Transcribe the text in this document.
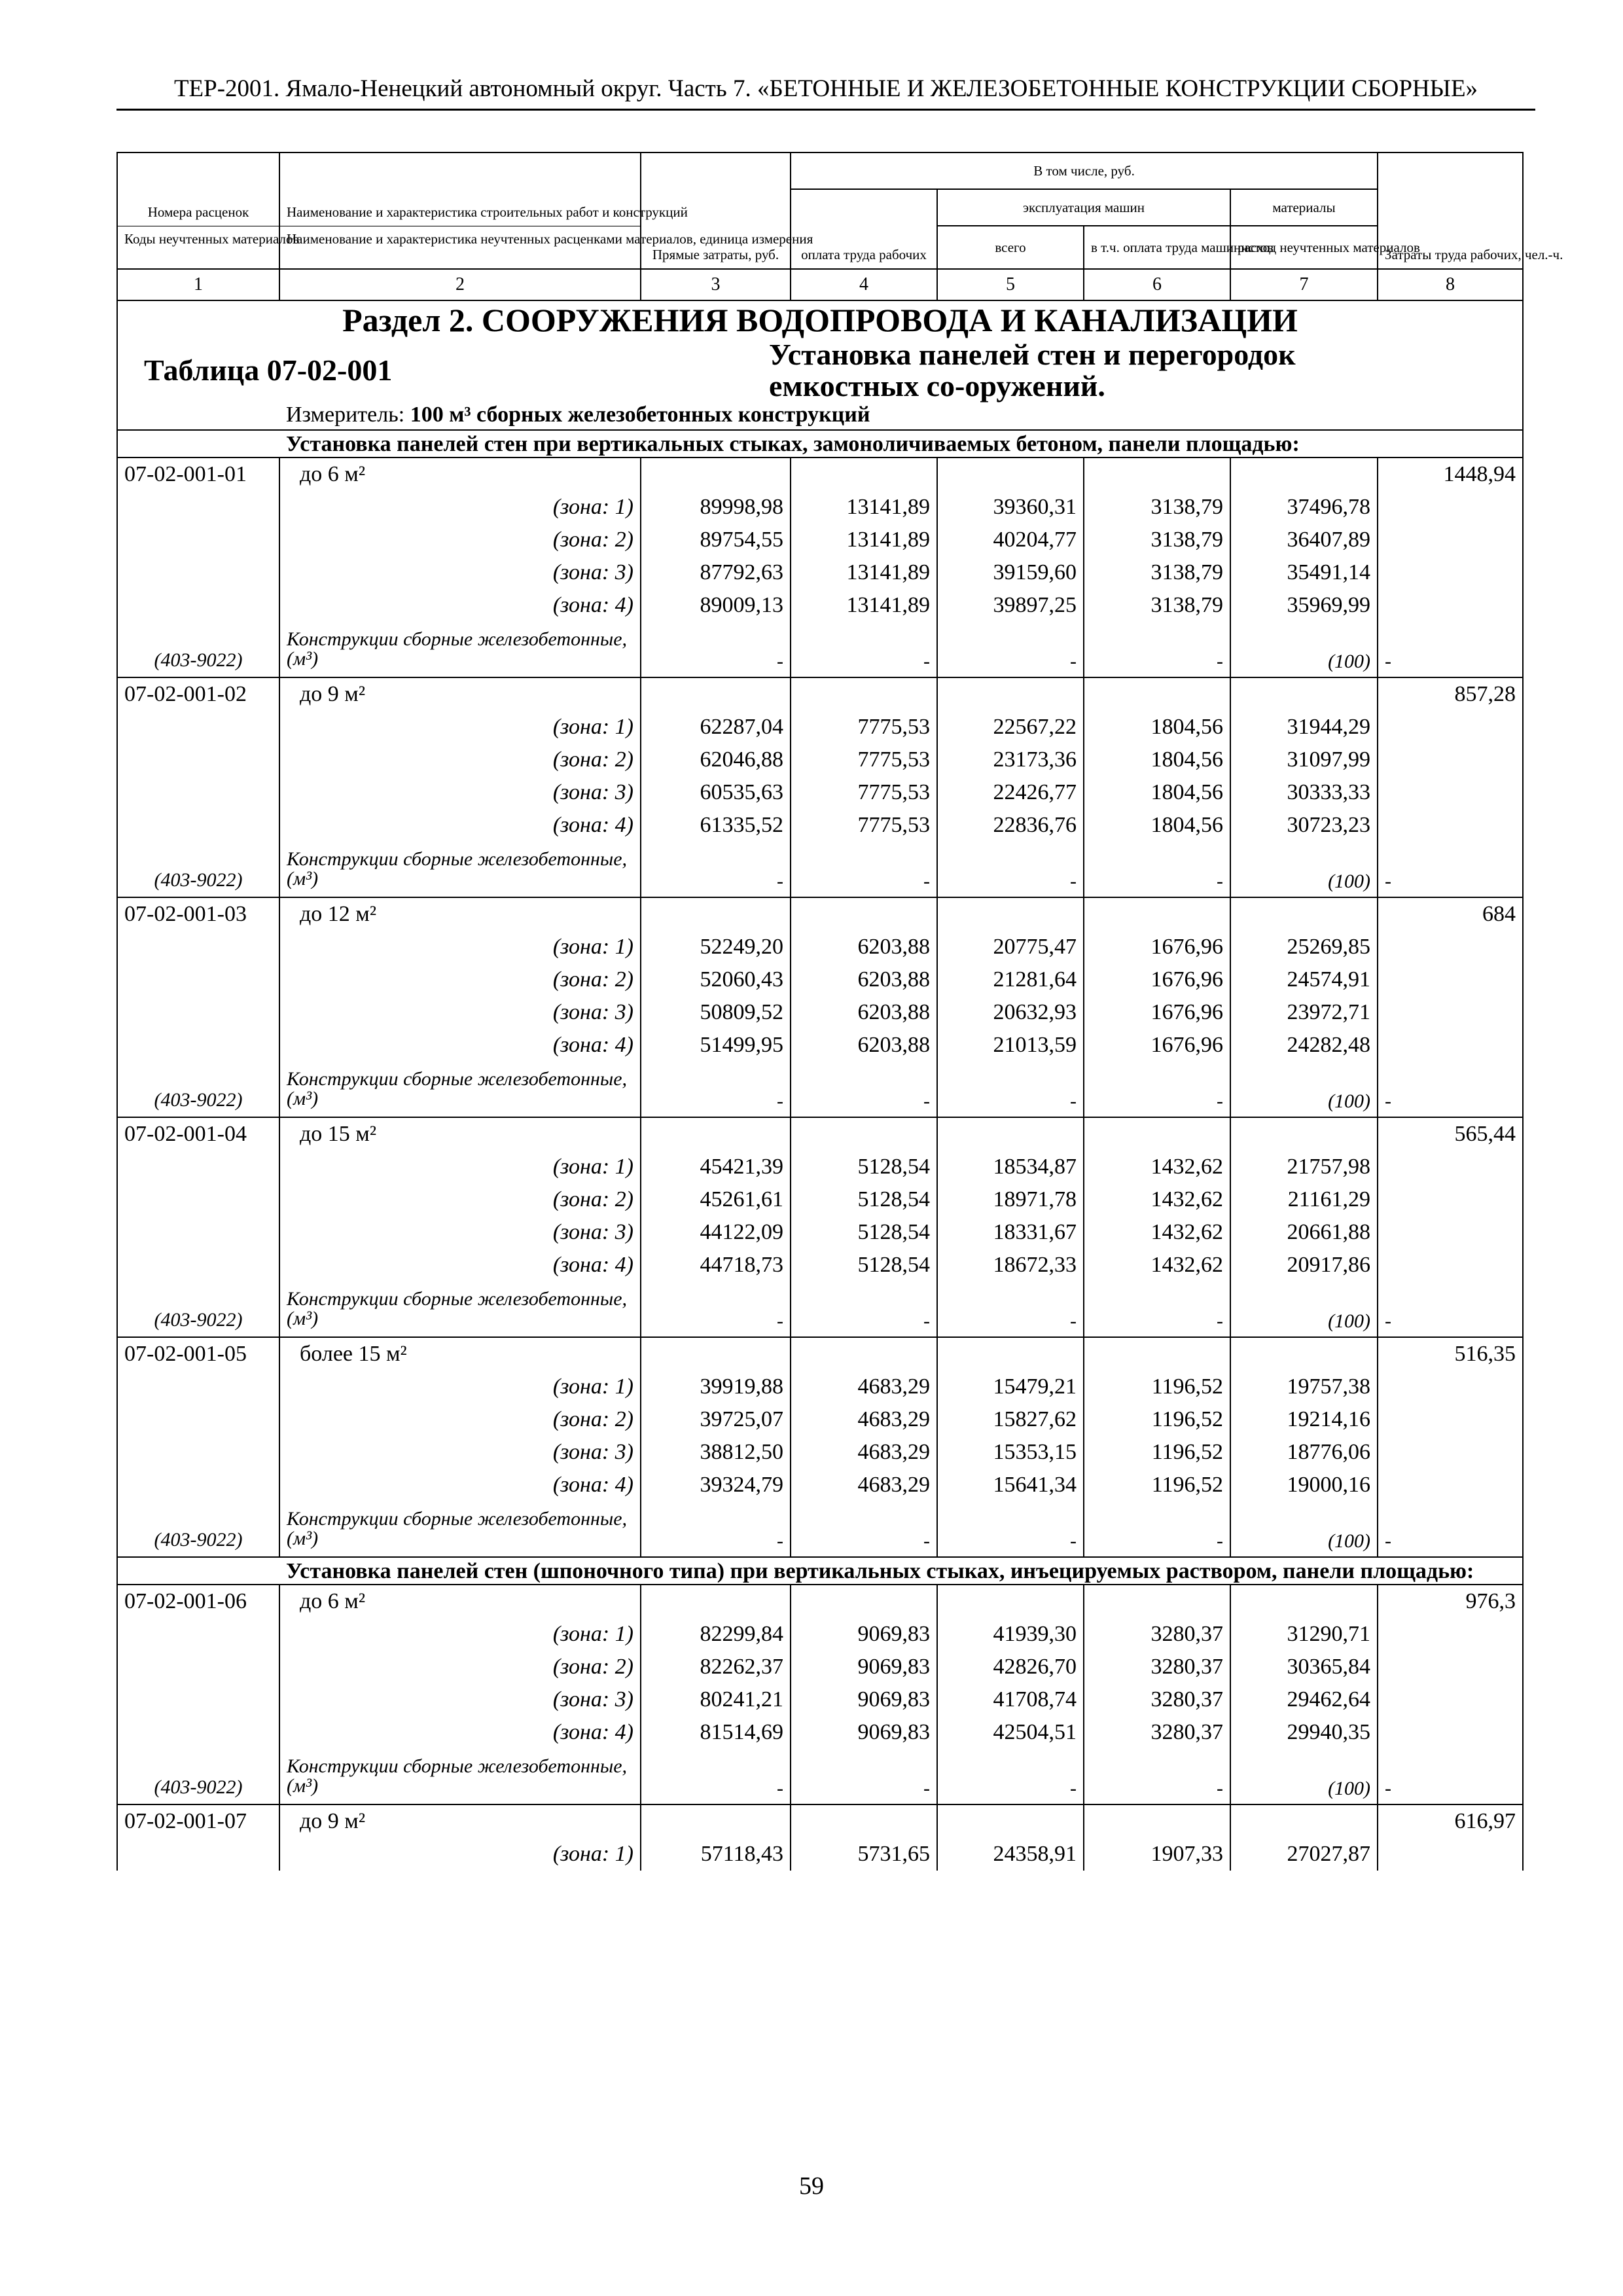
ТЕР-2001. Ямало-Ненецкий автономный округ. Часть 7. «БЕТОННЫЕ И ЖЕЛЕЗОБЕТОННЫЕ КОНСТРУКЦИИ СБОРНЫЕ»
Номера расценок	Наименование и характеристика строительных работ и конструкций	Прямые затраты, руб.	В том числе, руб.				Затраты труда рабочих, чел.-ч.
			оплата труда рабочих	эксплуатация машин		материалы	
Коды неучтенных материалов	Наименование и характеристика неучтенных расценками материалов, единица измерения			всего	в т.ч. оплата труда машинистов	расход неучтенных материалов	

1	2	3	4	5	6	7	8
Раздел 2. СООРУЖЕНИЯ ВОДОПРОВОДА И КАНАЛИЗАЦИИ							
Таблица 07-02-001		Установка панелей стен и перегородок емкостных со-оружений.					
	Измеритель: 100 м³ сборных железобетонных конструкций						
	Установка панелей стен при вертикальных стыках, замоноличиваемых бетоном, панели площадью:						
07-02-001-01	до 6 м²						1448,94
	(зона: 1)	89998,98	13141,89	39360,31	3138,79	37496,78	
	(зона: 2)	89754,55	13141,89	40204,77	3138,79	36407,89	
	(зона: 3)	87792,63	13141,89	39159,60	3138,79	35491,14	
	(зона: 4)	89009,13	13141,89	39897,25	3138,79	35969,99	
(403-9022)	Конструкции сборные железобетонные, (м³)	-	-	-	-	(100)	-
07-02-001-02	до 9 м²						857,28
	(зона: 1)	62287,04	7775,53	22567,22	1804,56	31944,29	
	(зона: 2)	62046,88	7775,53	23173,36	1804,56	31097,99	
	(зона: 3)	60535,63	7775,53	22426,77	1804,56	30333,33	
	(зона: 4)	61335,52	7775,53	22836,76	1804,56	30723,23	
(403-9022)	Конструкции сборные железобетонные, (м³)	-	-	-	-	(100)	-
07-02-001-03	до 12 м²						684
	(зона: 1)	52249,20	6203,88	20775,47	1676,96	25269,85	
	(зона: 2)	52060,43	6203,88	21281,64	1676,96	24574,91	
	(зона: 3)	50809,52	6203,88	20632,93	1676,96	23972,71	
	(зона: 4)	51499,95	6203,88	21013,59	1676,96	24282,48	
(403-9022)	Конструкции сборные железобетонные, (м³)	-	-	-	-	(100)	-
07-02-001-04	до 15 м²						565,44
	(зона: 1)	45421,39	5128,54	18534,87	1432,62	21757,98	
	(зона: 2)	45261,61	5128,54	18971,78	1432,62	21161,29	
	(зона: 3)	44122,09	5128,54	18331,67	1432,62	20661,88	
	(зона: 4)	44718,73	5128,54	18672,33	1432,62	20917,86	
(403-9022)	Конструкции сборные железобетонные, (м³)	-	-	-	-	(100)	-
07-02-001-05	более 15 м²						516,35
	(зона: 1)	39919,88	4683,29	15479,21	1196,52	19757,38	
	(зона: 2)	39725,07	4683,29	15827,62	1196,52	19214,16	
	(зона: 3)	38812,50	4683,29	15353,15	1196,52	18776,06	
	(зона: 4)	39324,79	4683,29	15641,34	1196,52	19000,16	
(403-9022)	Конструкции сборные железобетонные, (м³)	-	-	-	-	(100)	-
	Установка панелей стен (шпоночного типа) при вертикальных стыках, инъецируемых раствором, панели площадью:						
07-02-001-06	до 6 м²						976,3
	(зона: 1)	82299,84	9069,83	41939,30	3280,37	31290,71	
	(зона: 2)	82262,37	9069,83	42826,70	3280,37	30365,84	
	(зона: 3)	80241,21	9069,83	41708,74	3280,37	29462,64	
	(зона: 4)	81514,69	9069,83	42504,51	3280,37	29940,35	
(403-9022)	Конструкции сборные железобетонные, (м³)	-	-	-	-	(100)	-
07-02-001-07	до 9 м²						616,97
	(зона: 1)	57118,43	5731,65	24358,91	1907,33	27027,87	
59
